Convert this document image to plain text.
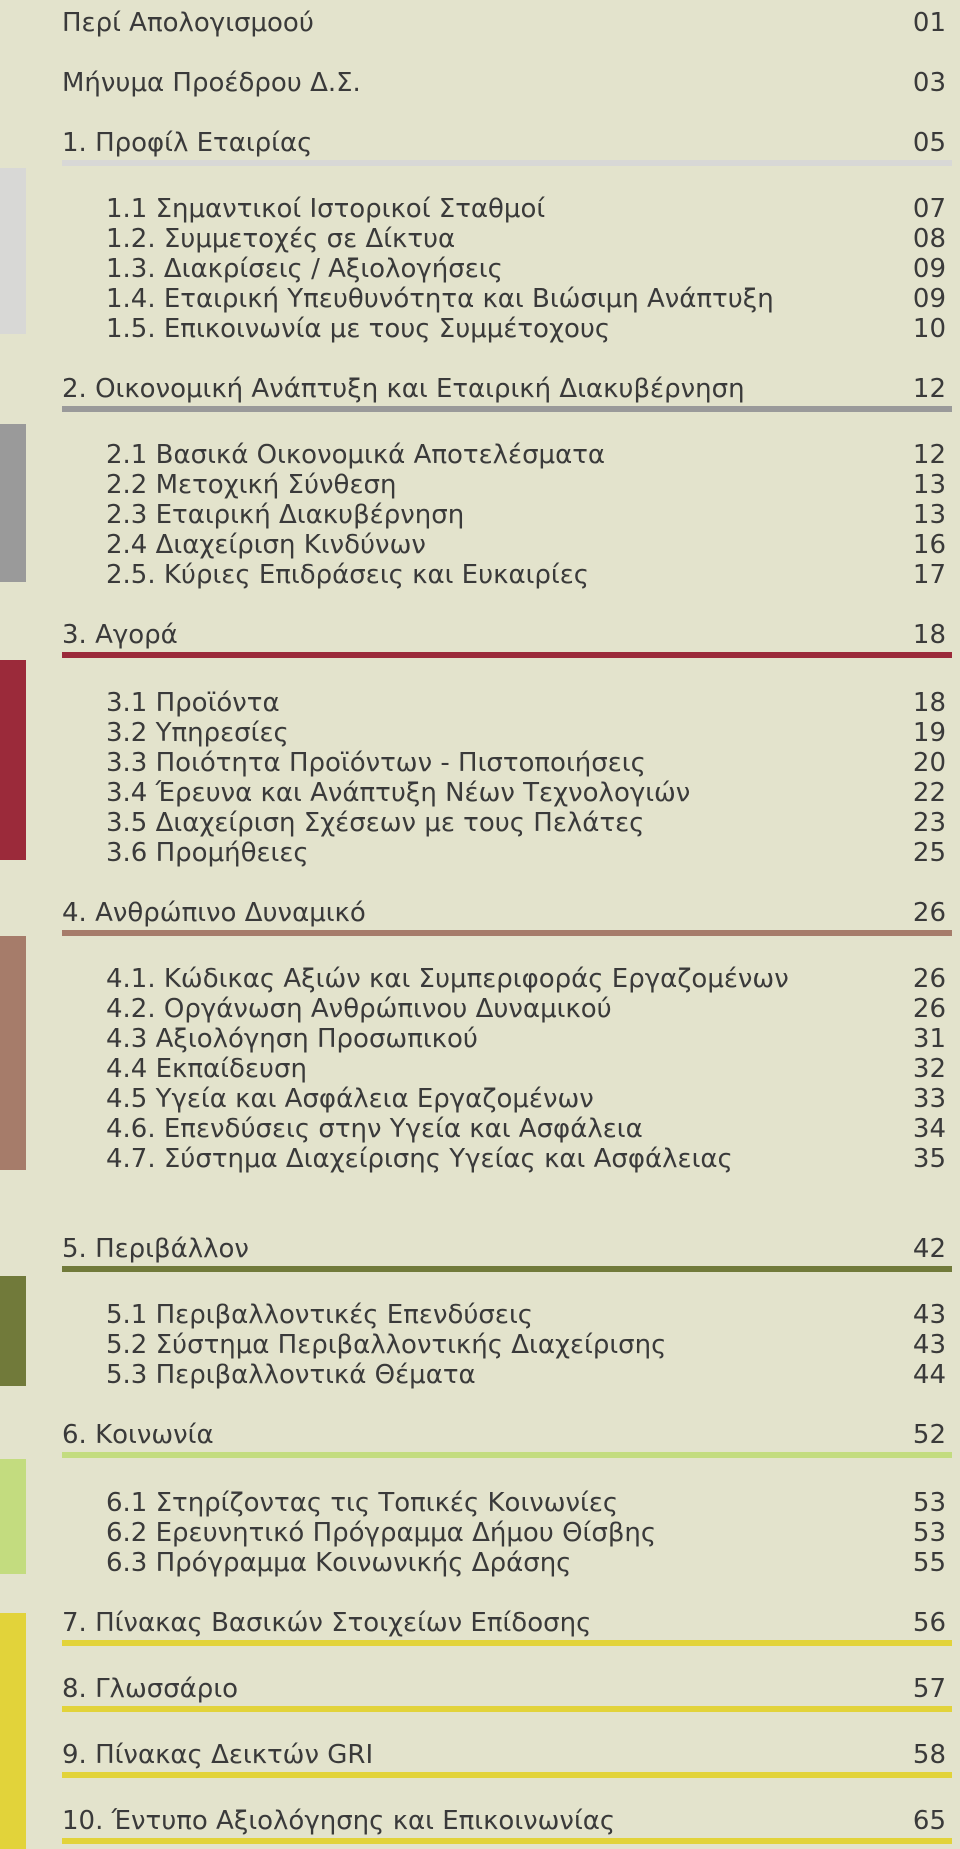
Περί Απολογισμοού	01
Μήνυμα Προέδρου Δ.Σ.	03
1. Προφίλ Εταιρίας	05
1.1 Σημαντικοί Ιστορικοί Σταθμοί	07
1.2. Συμμετοχές σε Δίκτυα	08
1.3. Διακρίσεις / Αξιολογήσεις	09
1.4. Εταιρική Υπευθυνότητα και Βιώσιμη Ανάπτυξη	09
1.5. Επικοινωνία με τους Συμμέτοχους	10
2. Οικονομική Ανάπτυξη και Εταιρική Διακυβέρνηση	12
2.1 Βασικά Οικονομικά Αποτελέσματα	12
2.2 Μετοχική Σύνθεση	13
2.3 Εταιρική Διακυβέρνηση	13
2.4 Διαχείριση Κινδύνων	16
2.5. Κύριες Επιδράσεις και Ευκαιρίες	17
3. Αγορά	18
3.1 Προϊόντα	18
3.2 Υπηρεσίες	19
3.3 Ποιότητα Προϊόντων - Πιστοποιήσεις	20
3.4 Έρευνα και Ανάπτυξη Νέων Τεχνολογιών	22
3.5 Διαχείριση Σχέσεων με τους Πελάτες	23
3.6 Προμήθειες	25
4. Ανθρώπινο Δυναμικό	26
4.1. Κώδικας Αξιών και Συμπεριφοράς Εργαζομένων	26
4.2. Οργάνωση Ανθρώπινου Δυναμικού	26
4.3 Αξιολόγηση Προσωπικού	31
4.4 Εκπαίδευση	32
4.5 Υγεία και Ασφάλεια Εργαζομένων	33
4.6. Επενδύσεις στην Υγεία και Ασφάλεια	34
4.7. Σύστημα Διαχείρισης Υγείας και Ασφάλειας	35
5. Περιβάλλον	42
5.1 Περιβαλλοντικές Επενδύσεις	43
5.2 Σύστημα Περιβαλλοντικής Διαχείρισης	43
5.3 Περιβαλλοντικά Θέματα	44
6. Κοινωνία	52
6.1 Στηρίζοντας τις Τοπικές Κοινωνίες	53
6.2 Ερευνητικό Πρόγραμμα Δήμου Θίσβης	53
6.3 Πρόγραμμα Κοινωνικής Δράσης	55
7. Πίνακας Βασικών Στοιχείων Επίδοσης	56
8. Γλωσσάριο	57
9. Πίνακας Δεικτών GRI	58
10. Έντυπο Αξιολόγησης και Επικοινωνίας	65
